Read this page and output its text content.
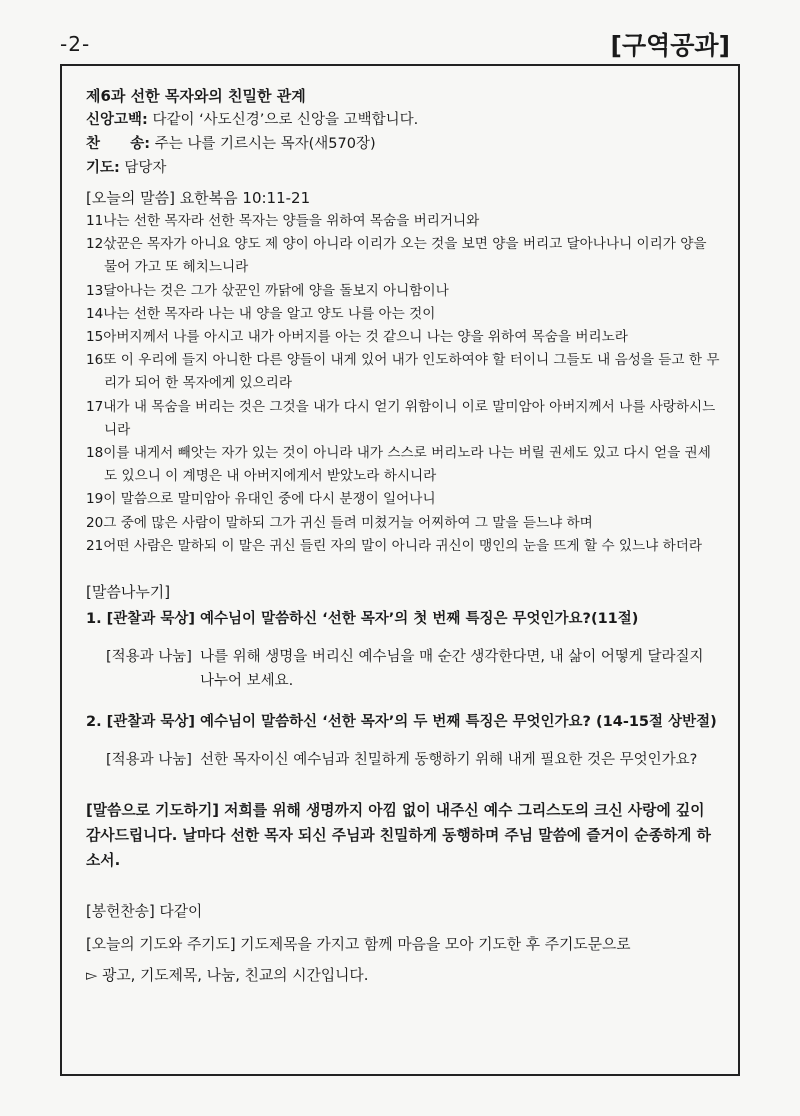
-2-	[구역공과]
제6과 선한 목자와의 친밀한 관계
신앙고백: 다같이 ‘사도신경’으로 신앙을 고백합니다.
찬      송: 주는 나를 기르시는 목자(새570장)
기도: 담당자
[오늘의 말씀] 요한복음 10:11-21
11나는 선한 목자라 선한 목자는 양들을 위하여 목숨을 버리거니와
12삯꾼은 목자가 아니요 양도 제 양이 아니라 이리가 오는 것을 보면 양을 버리고 달아나나니 이리가 양을 물어 가고 또 헤치느니라
13달아나는 것은 그가 삯꾼인 까닭에 양을 돌보지 아니함이나
14나는 선한 목자라 나는 내 양을 알고 양도 나를 아는 것이
15아버지께서 나를 아시고 내가 아버지를 아는 것 같으니 나는 양을 위하여 목숨을 버리노라
16또 이 우리에 들지 아니한 다른 양들이 내게 있어 내가 인도하여야 할 터이니 그들도 내 음성을 듣고 한 무리가 되어 한 목자에게 있으리라
17내가 내 목숨을 버리는 것은 그것을 내가 다시 얻기 위함이니 이로 말미암아 아버지께서 나를 사랑하시느니라
18이를 내게서 빼앗는 자가 있는 것이 아니라 내가 스스로 버리노라 나는 버릴 권세도 있고 다시 얻을 권세도 있으니 이 계명은 내 아버지에게서 받았노라 하시니라
19이 말씀으로 말미암아 유대인 중에 다시 분쟁이 일어나니
20그 중에 많은 사람이 말하되 그가 귀신 들려 미쳤거늘 어찌하여 그 말을 듣느냐 하며
21어떤 사람은 말하되 이 말은 귀신 들린 자의 말이 아니라 귀신이 맹인의 눈을 뜨게 할 수 있느냐 하더라
[말씀나누기]
1. [관찰과 묵상] 예수님이 말씀하신 ‘선한 목자’의 첫 번째 특징은 무엇인가요?(11절)
[적용과 나눔] 나를 위해 생명을 버리신 예수님을 매 순간 생각한다면, 내 삶이 어떻게 달라질지 나누어 보세요.
2. [관찰과 묵상] 예수님이 말씀하신 ‘선한 목자’의 두 번째 특징은 무엇인가요? (14-15절 상반절)
[적용과 나눔] 선한 목자이신 예수님과 친밀하게 동행하기 위해 내게 필요한 것은 무엇인가요?
[말씀으로 기도하기] 저희를 위해 생명까지 아낌 없이 내주신 예수 그리스도의 크신 사랑에 깊이 감사드립니다. 날마다 선한 목자 되신 주님과 친밀하게 동행하며 주님 말씀에 즐거이 순종하게 하소서.
[봉헌찬송] 다같이
[오늘의 기도와 주기도] 기도제목을 가지고 함께 마음을 모아 기도한 후 주기도문으로
▻ 광고, 기도제목, 나눔, 친교의 시간입니다.
